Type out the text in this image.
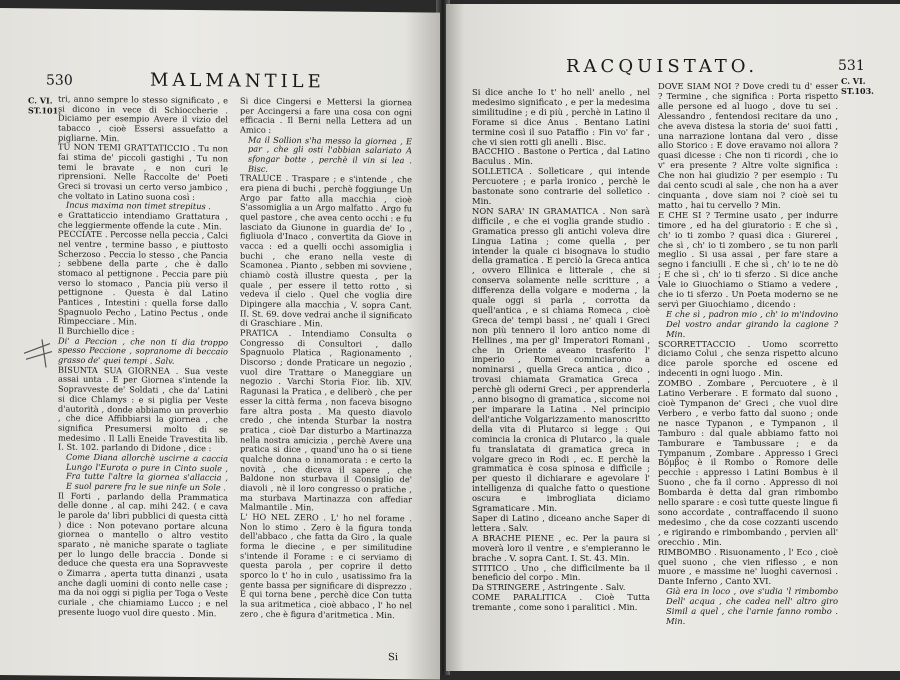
530	MALMANTILE
C. VI.
ST.101.

tri, anno sempre lo stesso significato , e si dicono in vece di Schioccherie . Diciamo per esempio Avere il vizio del tabacco , cioè Essersi assuefatto a pigliarne. Min.

TU NON TEMI GRATTATICCIO . Tu non fai stima de' piccoli gastighi , Tu non temi le bravate , e non curi le riprensioni. Nelle Raccolte de' Poeti Greci si trovasi un certo verso jambico , che voltato in Latino suona così :

Incus maxima non timet strepitus .

e Grattaticcio intendiamo Grattatura , che leggiermente offende la cute . Min.

PECCIATE . Percosse nella peccia , Calci nel ventre , termine basso , e piuttosto Scherzoso . Peccia lo stesso , che Pancia ; sebbene della parte , che è dallo stomaco al pettignone . Peccia pare più verso lo stomaco , Pancia più verso il pettignone . Questa è dal Latino Pantices , Intestini : quella forse dallo Spagnuolo Pecho , Latino Pectus , onde Rimpecciare . Min.

Il Burchiello dice :

Di' a Peccion , che non ti dia troppo spesso Peccione , sopranome di beccaio grasso de' quei tempi . Salv.

BISUNTA SUA GIORNEA . Sua veste assai unta . E per Giornea s'intende la Sopravveste de' Soldati , che da' Latini si dice Chlamys : e si piglia per Veste d'autorità , donde abbiamo un proverbio , che dice Affibbiarsi la giornea , che significa Presumersi molto di se medesimo . Il Lalli Eneide Travestita lib. I. St. 102. parlando di Didone , dice :

Come Diana allorchè uscirne a caccia Lungo l'Eurota o pure in Cinto suole , Fra tutte l'altre la giornea s'allaccia , E suol parere fra le sue ninfe un Sole .

Il Forti , parlando della Prammatica delle donne , al cap. mihi 242. ( e cava le parole da' libri pubblici di questa città ) dice : Non potevano portare alcuna giornea o mantello o altro vestito sparato , nè maniche sparate o tagliate per lo lungo delle braccia . Donde si deduce che questa era una Sopravveste o Zimarra , aperta tutta dinanzi , usata anche dagli uomini di conto nelle case ; ma da noi oggi si piglia per Toga o Veste curiale , che chiamiamo Lucco ; e nel presente luogo vuol dire questo . Min.

Si dice Cingersi e Mettersi la giornea per Accingersi a fare una cosa con ogni efficacia . Il Berni nella Lettera ad un Amico :

Ma il Sollion s'ha messo la giornea , E par , che gli osti l'abbian salariato A sfongar botte , perchè il vin si lea . Bisc.

TRALUCE . Traspare ; e s'intende , che era piena di buchi , perchè foggiunge Un Argo par fatto alla macchia , cioè S'assomiglia a un Argo malfatto . Argo fu quel pastore , che avea cento occhi : e fu lasciato da Giunone in guardia de' Io , figliuola d'Inaco , convertita da Giove in vacca : ed a quelli occhi assomiglia i buchi , che erano nella veste di Scamonea . Pianto , sebben mi sovviene , chiamò costà illustre questa , per la quale , per essere il tetto rotto , si vedeva il cielo . Quel che voglia dire Dipingere alla macchia , V. sopra Cant. II. St. 69. dove vedrai anche il significato di Graschiare . Min.

PRATICA . Intendiamo Consulta o Congresso di Consultori , dallo Spagnuolo Platica , Ragionamento , Discorso ; donde Praticare un negozio , vuol dire Trattare o Maneggiare un negozio . Varchi Storia Fior. lib. XIV. Ragunasi la Pratica , e deliberò , che per esser la città ferma , non faceva bisogno fare altra posta . Ma questo diavolo credo , che intenda Sturbar la nostra pratica , cioè Dar disturbo a Martinazza nella nostra amicizia , perchè Avere una pratica si dice , quand'uno ha o si tiene qualche donna o innamorata : e certo la novità , che diceva il sapere , che Baldone non sturbava il Consiglio de' diavoli , nè il loro congresso o pratiche , ma sturbava Martinazza con affediar Malmantile . Min.

L' HO NEL ZERO . L' ho nel forame . Non lo stimo . Zero è la figura tonda dell'abbaco , che fatta da Giro , la quale forma le diecine , e per similitudine s'intende il Forame : e ci serviamo di questa parola , per coprire il detto sporco lo t' ho in culo , usatissimo fra la gente bassa per significare di disprezzo . E qui torna bene , perchè dice Con tutta la sua aritmetica , cioè abbaco , l' ho nel zero , che è figura d'aritmetica . Min.

Si
RACQUISTATO.	531
C. VI.
ST.103.

Si dice anche Io t' ho nell' anello , nel medesimo significato , e per la medesima similitudine ; e di più , perchè in Latino il Forame si dice Anus . Bentano Latini termine così il suo Pataffio : Fin vo' far , che vi sien rotti gli anelli . Bisc.

BACCHIO . Bastone o Pertica , dal Latino Baculus . Min.

SOLLETICA . Solleticare , qui intende Percuotere ; e parla ironico , perchè le bastonate sono contrarie del solletico . Min.

NON SARA' IN GRAMATICA . Non sarà difficile , e che ei voglia grande studio . Gramatica presso gli antichi voleva dire Lingua Latina ; come quella , per intender la quale ci bisognava lo studio della gramatica . E perciò la Greca antica , ovvero Ellinica e litterale , che si conserva solamente nelle scritture , a differenza della volgare e moderna , la quale oggi si parla , corrotta da quell'antica , e si chiama Romeca , cioè Greca de' tempi bassi , ne' quali i Greci non più tennero il loro antico nome di Hellines , ma per gl' Imperatori Romani , che in Oriente aveano trasferito l' imperio , Romei cominciarono a nominarsi , quella Greca antica , dico , trovasi chiamata Gramatica Greca , perchè gli oderni Greci , per apprenderla , anno bisogno di gramatica , siccome noi per imparare la Latina . Nel principio dell'antiche Volgarizzamento manoscritto della vita di Plutarco si legge : Qui comincia la cronica di Plutarco , la quale fu translatata di gramatica greca in volgare greco in Rodi , ec. E perchè la grammatica è cosa spinosa e difficile ; per questo il dichiarare e agevolare l' intelligenza di qualche fatto o questione oscura e imbrogliata diciamo Sgramaticare . Min.

Saper di Latino , diceano anche Saper di lettera . Salv.

A BRACHE PIENE , ec. Per la paura si moverà loro il ventre , e s'empieranno le brache . V. sopra Cant. I. St. 43. Min.

STITICO . Uno , che difficilmente ba il beneficio del corpo . Min.

Da STRINGERE , Astringente . Salv.

COME PARALITICA . Cioè Tutta tremante , come sono i paralitici . Min.

DOVE SIAM NOI ? Dove credi tu d' esser ? Termine , che significa : Porta rispetto alle persone ed al luogo , dove tu sei . Alessandro , fentendosi recitare da uno , che aveva distesa la storia de' suoi fatti , una narrazione lontana dal vero , disse allo Storico : E dove eravamo noi allora ? quasi dicesse : Che non ti ricordi , che io v' era presente ? Altre volte significa : Che non hai giudizio ? per esempio : Tu dai cento scudi al sale , che non ha a aver cinquanta , dove siam noi ? cioè sei tu matto , hai tu cervello ? Min.

E CHE SI ? Termine usato , per indurre timore , ed ha del giuratorio : E che sì , ch' io ti zombo ? quasi dica : Giurerei , che sì , ch' io ti zombero , se tu non parli meglio . Si usa assai , per fare stare a segno i fanciulli . E che sì , ch' io te ne dò ; E che sì , ch' io ti sferzo . Si dice anche Vale io Giuochiamo o Stiamo a vedere , che io ti sferzo . Un Poeta moderno se ne servì per Giuochiamo , dicendo :

E che sì , padron mio , ch' io m'indovino Del vostro andar girando la cagione ? Min.

SCORRETTACCIO . Uomo scorretto diciamo Colui , che senza rispetto alcuno dice parole sporche ed oscene ed indecenti in ogni luogo . Min.

ZOMBO . Zombare , Percuotere , è il Latino Verberare . E formato dal suono , cioè Tympanon de' Greci , che vuol dire Verbero , e verbo fatto dal suono ; onde ne nasce Typanon , e Tympanon , il Tamburo : dal quale abbiamo fatto noi Tamburare e Tambussare ; e da Tympanum , Zombare . Appresso i Greci Βόμβος è il Rombo o Romore delle pecchie : appresso i Latini Bombus è il Suono , che fa il corno . Appresso di noi Bombarda è detta dal gran rimbombo nello sparare : e così tutte queste lingue fi sono accordate , contraffacendo il suono medesimo , che da cose cozzanti uscendo , e rigirando e rimbombando , pervien all' orecchio . Min.

RIMBOMBO . Risuonamento , l' Eco , cioè quel suono , che vien riflesso , e non muore , e massime ne' luoghi cavernosi . Dante Inferno , Canto XVI.

Già era in loco , ove s'udia 'l rimbombo Dell' acqua , che cadea nell' altro giro Simil a quel , che l'arnie fanno rombo . Min.
